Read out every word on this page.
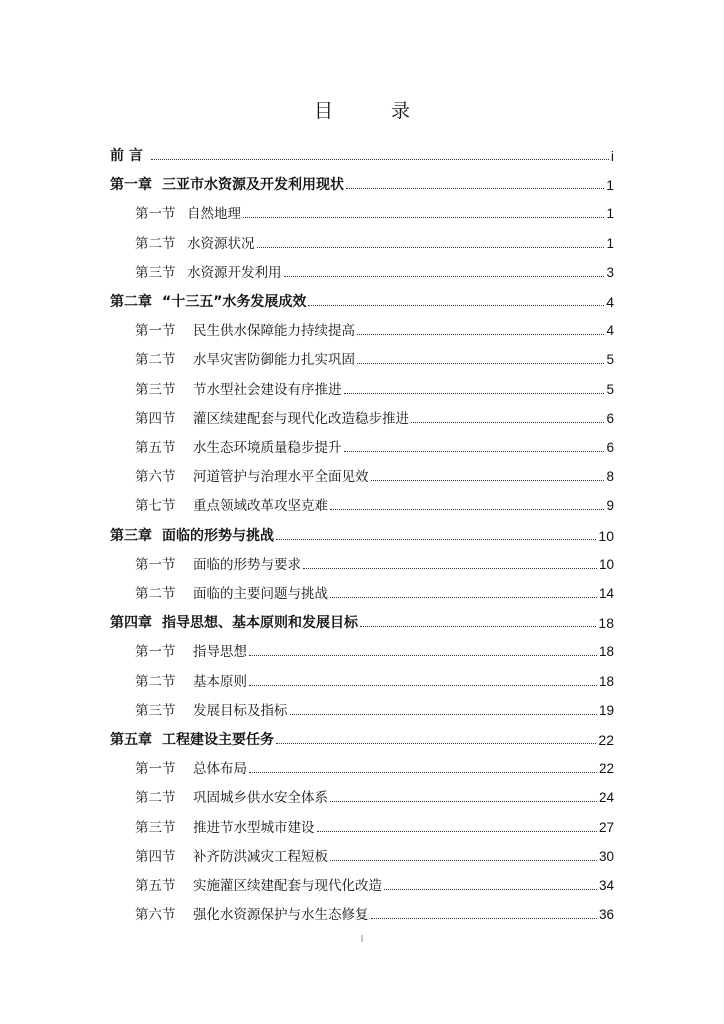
目 录
前 言	i
第一章 三亚市水资源及开发利用现状	1
第一节 自然地理	1
第二节 水资源状况	1
第三节 水资源开发利用	3
第二章 “十三五”水务发展成效	4
第一节	民生供水保障能力持续提高	4
第二节	水旱灾害防御能力扎实巩固	5
第三节	节水型社会建设有序推进	5
第四节	灌区续建配套与现代化改造稳步推进	6
第五节	水生态环境质量稳步提升	6
第六节	河道管护与治理水平全面见效	8
第七节	重点领域改革攻坚克难	9
第三章 面临的形势与挑战	10
第一节	面临的形势与要求	10
第二节	面临的主要问题与挑战	14
第四章 指导思想、基本原则和发展目标	18
第一节	指导思想	18
第二节	基本原则	18
第三节	发展目标及指标	19
第五章 工程建设主要任务	22
第一节	总体布局	22
第二节	巩固城乡供水安全体系	24
第三节	推进节水型城市建设	27
第四节	补齐防洪减灾工程短板	30
第五节	实施灌区续建配套与现代化改造	34
第六节	强化水资源保护与水生态修复	36
I
